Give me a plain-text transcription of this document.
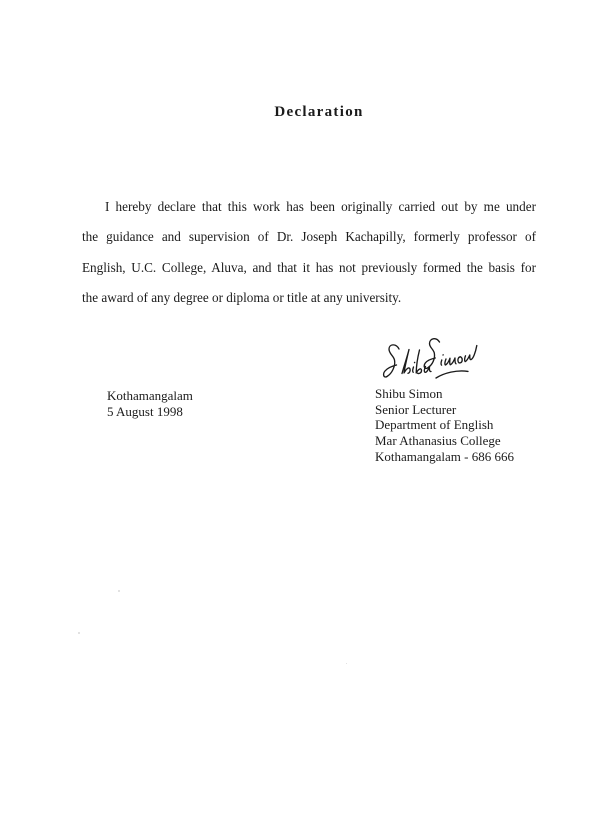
Declaration
I hereby declare that this work has been originally carried out by me under
the guidance and supervision of Dr. Joseph Kachapilly, formerly professor of
English, U.C. College, Aluva, and that it has not previously formed the basis for
the award of any degree or diploma or title at any university.
Kothamangalam
5 August 1998
Shibu Simon
Senior Lecturer
Department of English
Mar Athanasius College
Kothamangalam - 686 666
